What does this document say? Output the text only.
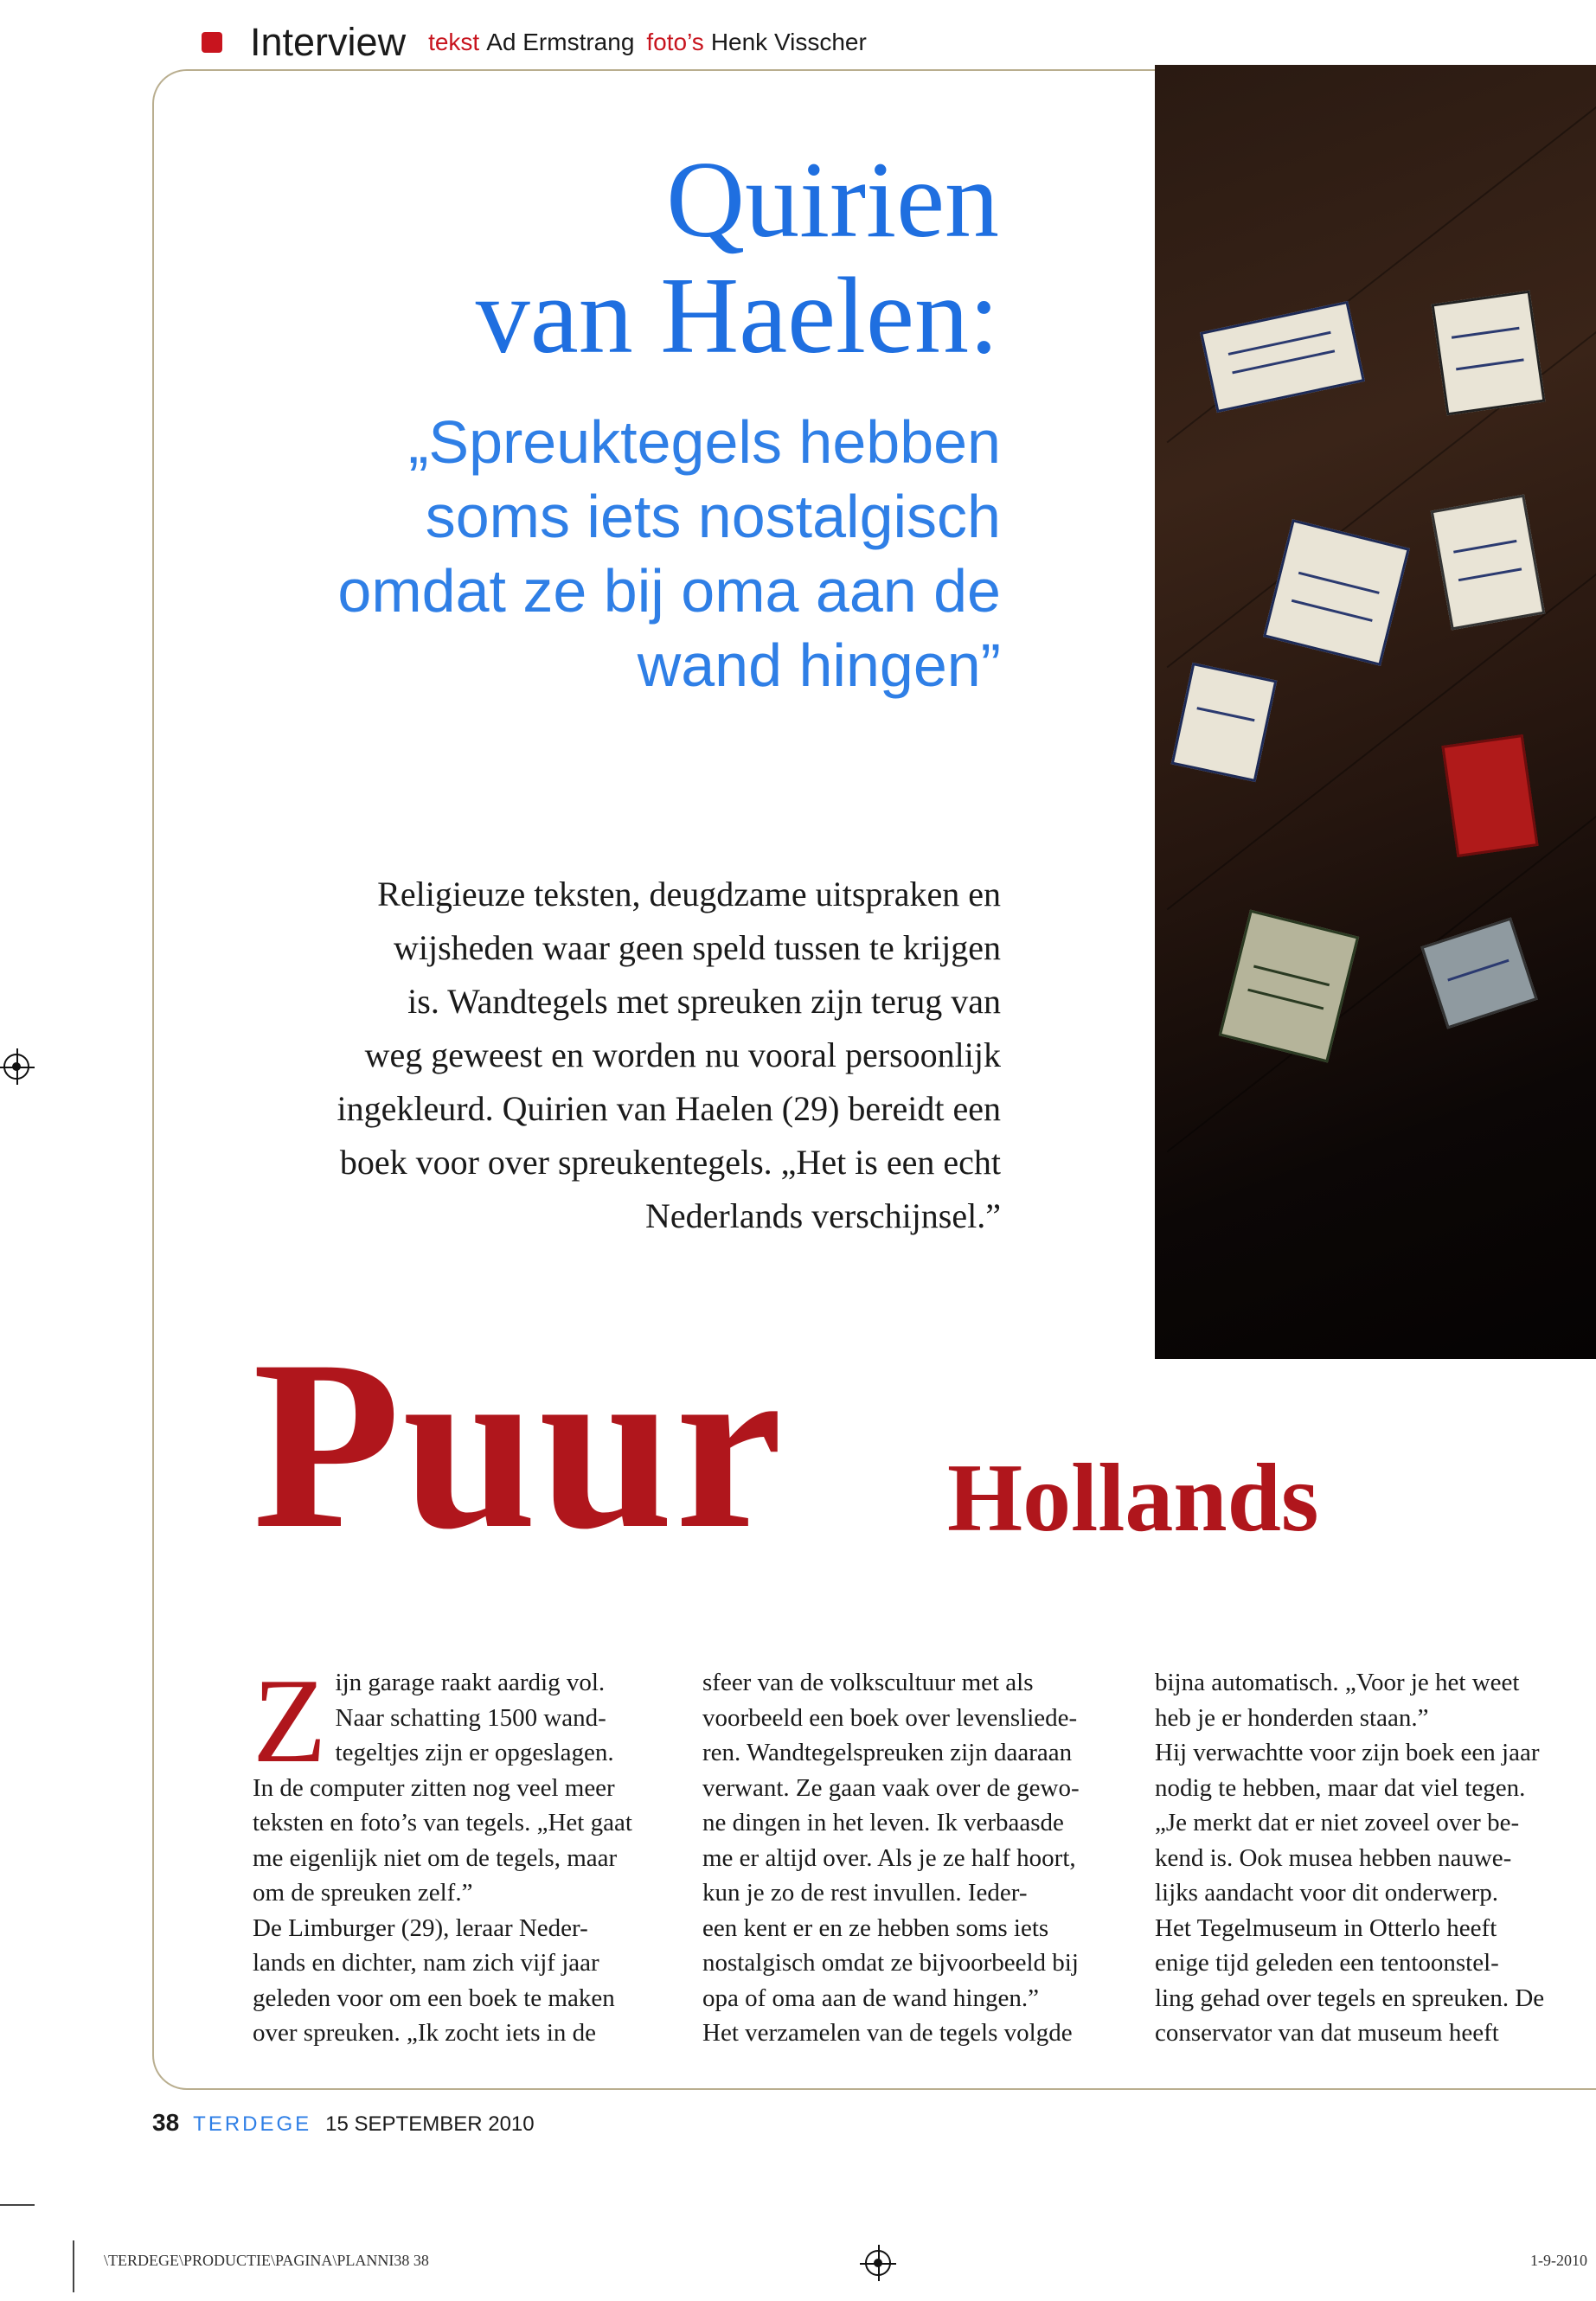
Interview tekst Ad Ermstrang foto’s Henk Visscher
Quirien
van Haelen:
„Spreuktegels hebben
soms iets nostalgisch
omdat ze bij oma aan de
wand hingen”
Religieuze teksten, deugdzame uitspraken en
wijsheden waar geen speld tussen te krijgen
is. Wandtegels met spreuken zijn terug van
weg geweest en worden nu vooral persoonlijk
ingekleurd. Quirien van Haelen (29) bereidt een
boek voor over spreukentegels. „Het is een echt
Nederlands verschijnsel.”
Puur Hollands
Z ijn garage raakt aardig vol.

Naar schatting 1500 wand-

tegeltjes zijn er opgeslagen.

In de computer zitten nog veel meer

teksten en foto’s van tegels. „Het gaat

me eigenlijk niet om de tegels, maar

om de spreuken zelf.”

De Limburger (29), leraar Neder-

lands en dichter, nam zich vijf jaar

geleden voor om een boek te maken

over spreuken. „Ik zocht iets in de

sfeer van de volkscultuur met als

voorbeeld een boek over levensliede-

ren. Wandtegelspreuken zijn daaraan

verwant. Ze gaan vaak over de gewo-

ne dingen in het leven. Ik verbaasde

me er altijd over. Als je ze half hoort,

kun je zo de rest invullen. Ieder-

een kent er en ze hebben soms iets

nostalgisch omdat ze bijvoorbeeld bij

opa of oma aan de wand hingen.”

Het verzamelen van de tegels volgde

bijna automatisch. „Voor je het weet

heb je er honderden staan.”

Hij verwachtte voor zijn boek een jaar

nodig te hebben, maar dat viel tegen.

„Je merkt dat er niet zoveel over be-

kend is. Ook musea hebben nauwe-

lijks aandacht voor dit onderwerp.

Het Tegelmuseum in Otterlo heeft

enige tijd geleden een tentoonstel-

ling gehad over tegels en spreuken. De

conservator van dat museum heeft

38 TERDEGE 15 SEPTEMBER 2010
\TERDEGE\PRODUCTIE\PAGINA\PLANNI38 38	1-9-2010
